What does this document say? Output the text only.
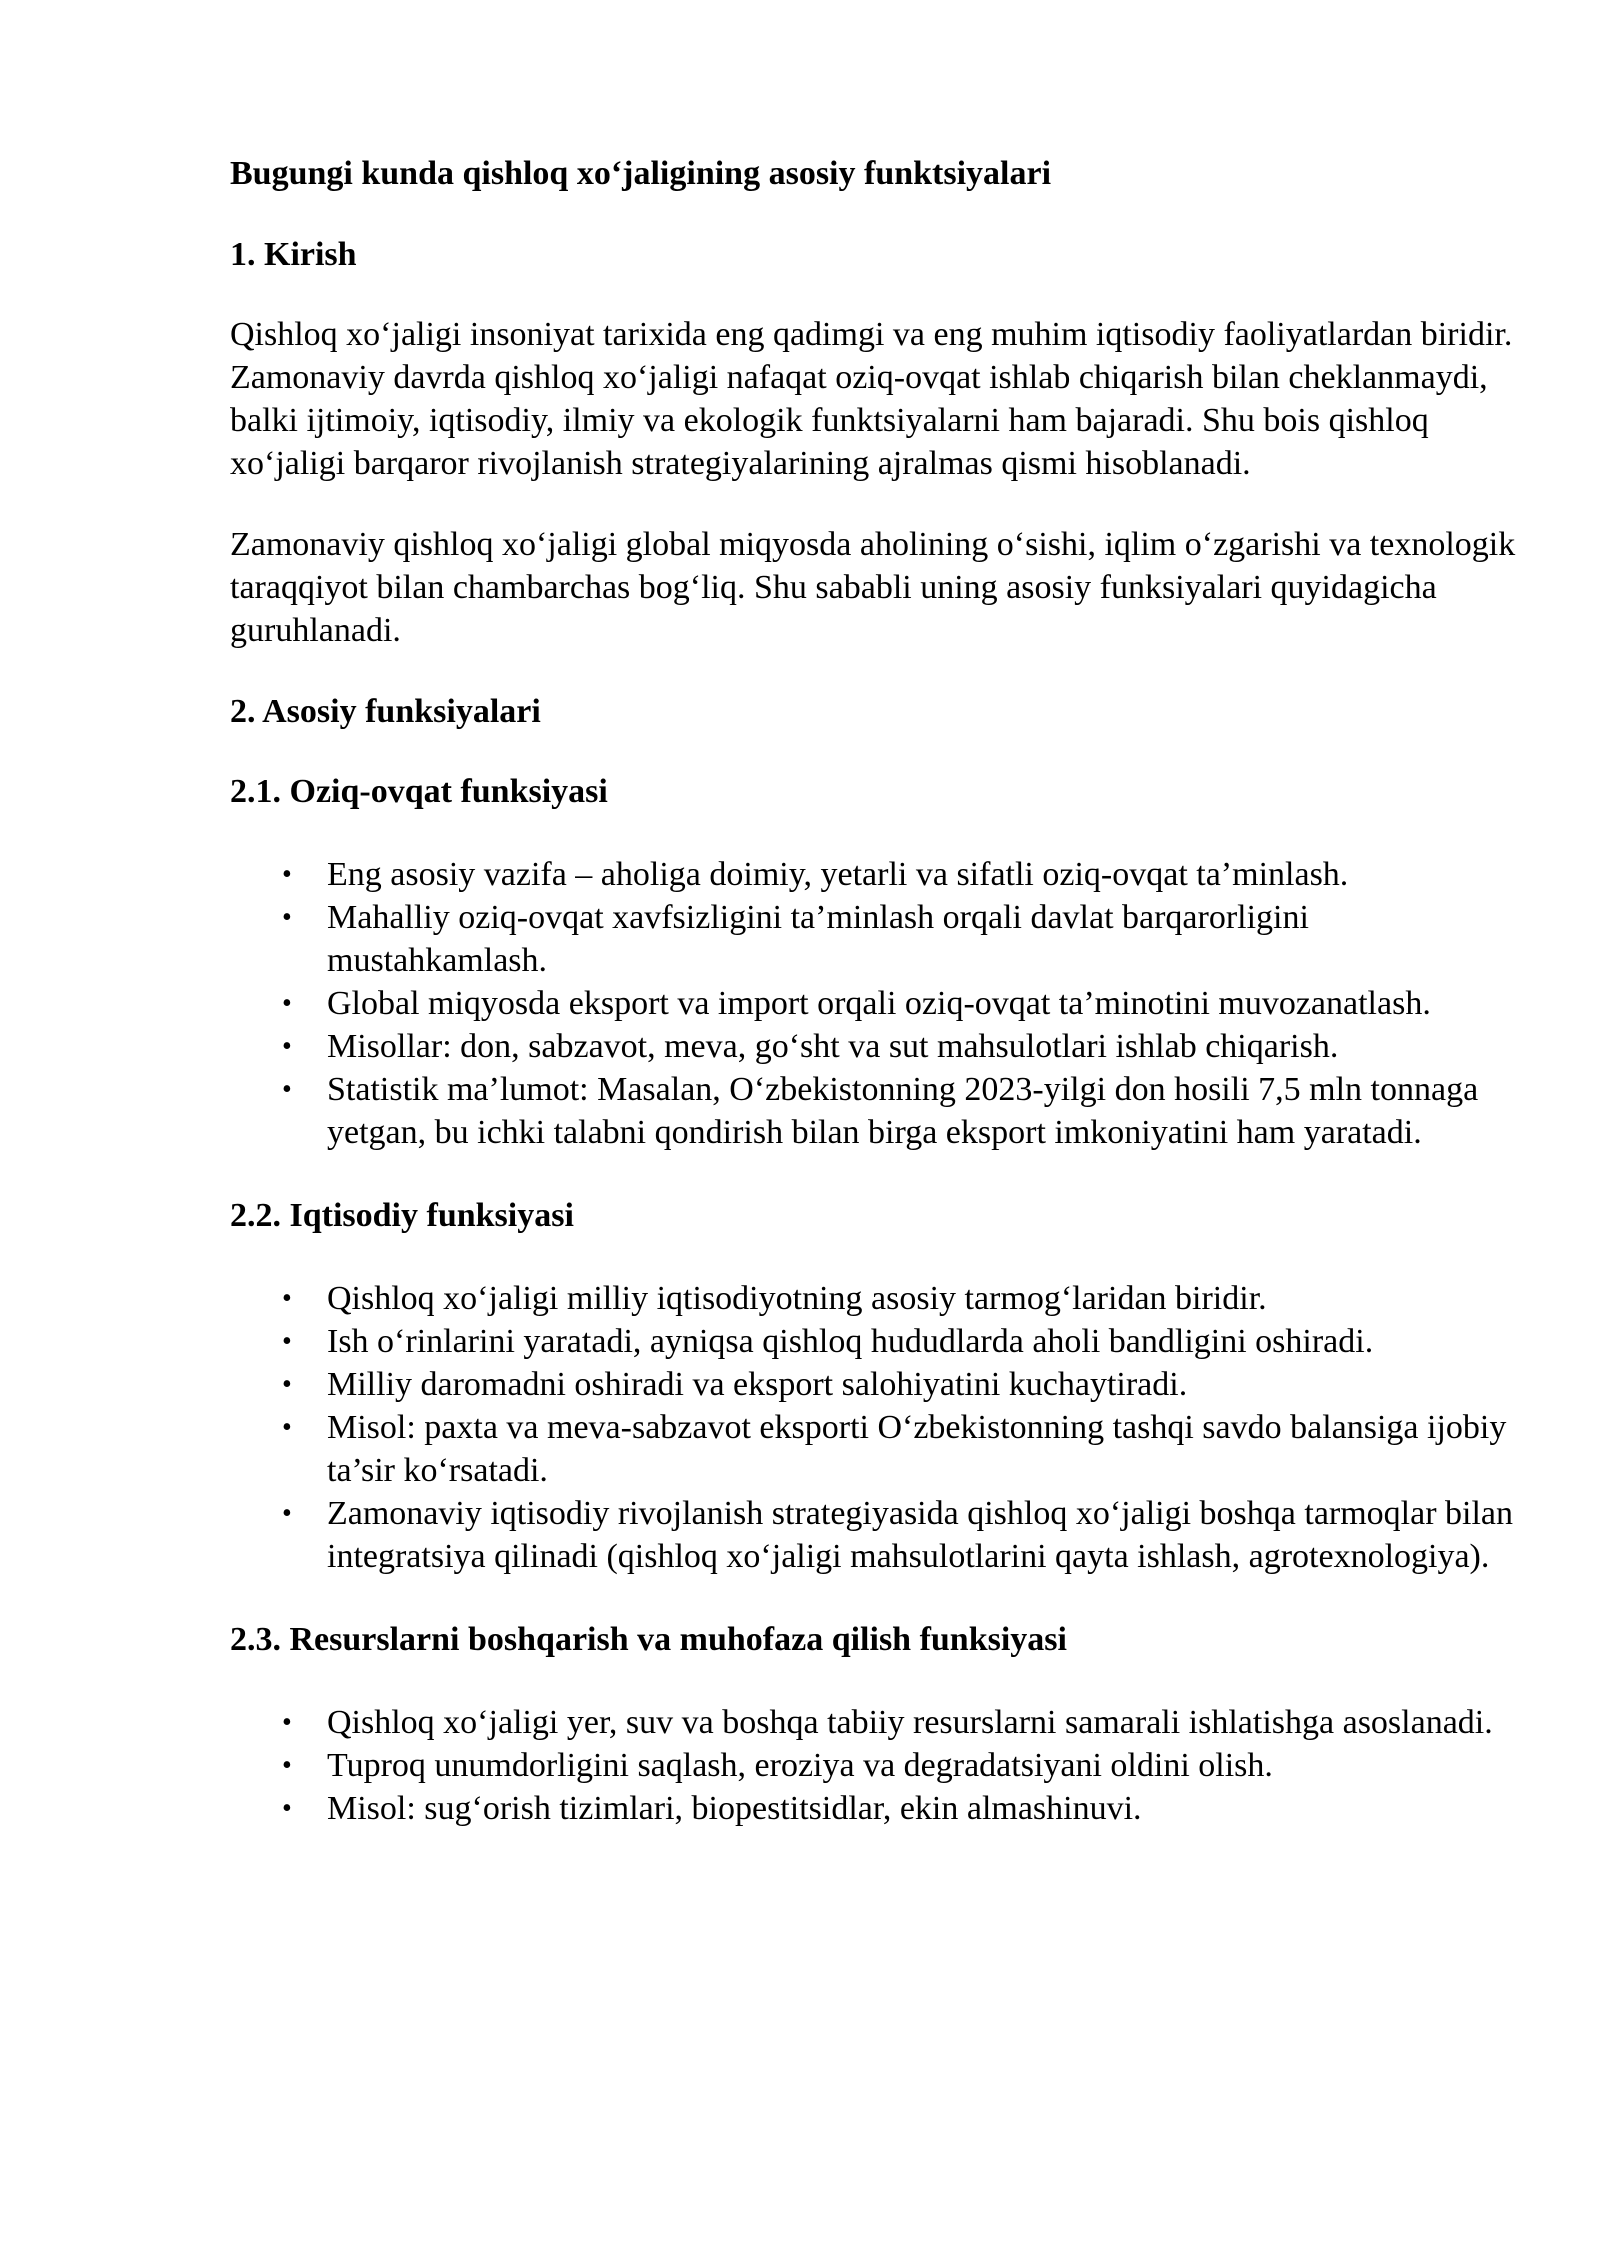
Bugungi kunda qishloq xo‘jaligining asosiy funktsiyalari

1. Kirish

Qishloq xo‘jaligi insoniyat tarixida eng qadimgi va eng muhim iqtisodiy faoliyatlardan biridir. Zamonaviy davrda qishloq xo‘jaligi nafaqat oziq-ovqat ishlab chiqarish bilan cheklanmaydi, balki ijtimoiy, iqtisodiy, ilmiy va ekologik funktsiyalarni ham bajaradi. Shu bois qishloq xo‘jaligi barqaror rivojlanish strategiyalarining ajralmas qismi hisoblanadi.

Zamonaviy qishloq xo‘jaligi global miqyosda aholining o‘sishi, iqlim o‘zgarishi va texnologik taraqqiyot bilan chambarchas bog‘liq. Shu sababli uning asosiy funksiyalari quyidagicha guruhlanadi.

2. Asosiy funksiyalari

2.1. Oziq-ovqat funksiyasi

• Eng asosiy vazifa – aholiga doimiy, yetarli va sifatli oziq-ovqat ta’minlash.
• Mahalliy oziq-ovqat xavfsizligini ta’minlash orqali davlat barqarorligini mustahkamlash.
• Global miqyosda eksport va import orqali oziq-ovqat ta’minotini muvozanatlash.
• Misollar: don, sabzavot, meva, go‘sht va sut mahsulotlari ishlab chiqarish.
• Statistik ma’lumot: Masalan, O‘zbekistonning 2023-yilgi don hosili 7,5 mln tonnaga yetgan, bu ichki talabni qondirish bilan birga eksport imkoniyatini ham yaratadi.

2.2. Iqtisodiy funksiyasi

• Qishloq xo‘jaligi milliy iqtisodiyotning asosiy tarmog‘laridan biridir.
• Ish o‘rinlarini yaratadi, ayniqsa qishloq hududlarda aholi bandligini oshiradi.
• Milliy daromadni oshiradi va eksport salohiyatini kuchaytiradi.
• Misol: paxta va meva-sabzavot eksporti O‘zbekistonning tashqi savdo balansiga ijobiy ta’sir ko‘rsatadi.
• Zamonaviy iqtisodiy rivojlanish strategiyasida qishloq xo‘jaligi boshqa tarmoqlar bilan integratsiya qilinadi (qishloq xo‘jaligi mahsulotlarini qayta ishlash, agrotexnologiya).

2.3. Resurslarni boshqarish va muhofaza qilish funksiyasi

• Qishloq xo‘jaligi yer, suv va boshqa tabiiy resurslarni samarali ishlatishga asoslanadi.
• Tuproq unumdorligini saqlash, eroziya va degradatsiyani oldini olish.
• Misol: sug‘orish tizimlari, biopestitsidlar, ekin almashinuvi.
